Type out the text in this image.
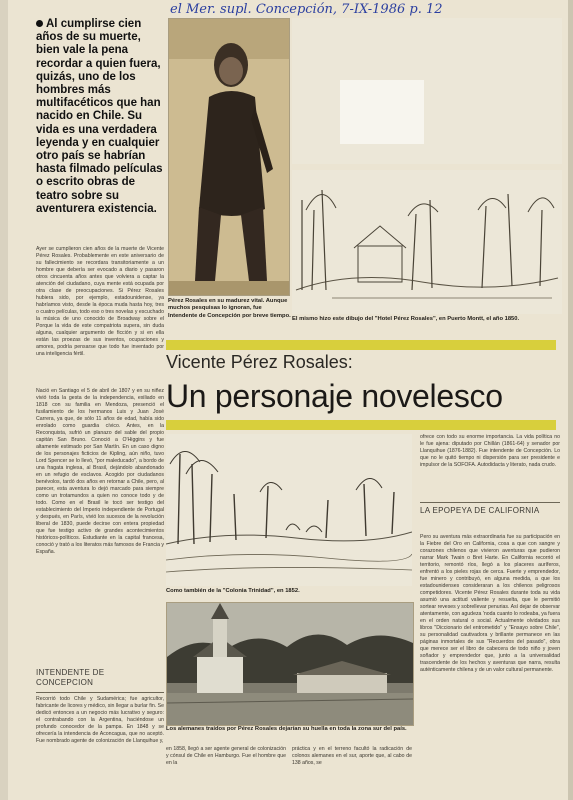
el Mer. supl. Concepción, 7-IX-1986 p. 12
Al cumplirse cien años de su muerte, bien vale la pena recordar a quien fuera, quizás, uno de los hombres más multifacéticos que han nacido en Chile. Su vida es una verdadera leyenda y en cualquier otro país se habrían hasta filmado películas o escrito obras de teatro sobre su aventurera existencia.
Ayer se cumplieron cien años de la muerte de Vicente Pérez Rosales. Probablemente en este aniversario de su fallecimiento se recordara transitoriamente a un hombre que debería ser evocado a diario y pasaron otros cincuenta años antes que volviera a captar la atención del ciudadano, cuya mente está ocupada por otra clase de preocupaciones. Si Pérez Rosales hubiera sido, por ejemplo, estadounidense, ya habríamos visto, desde la época muda hasta hoy, tres o cuatro películas, todo eso o tres novelas y escuchado la música de uno conocido de Broadway sobre el Porque la vida de este compatriota supera, sin duda alguna, cualquier argumento de ficción y si en ella están las proezas de sus inventos, ocupaciones y amores, podría pensarse que todo fue inventado por una inteligencia fértil.
Nació en Santiago el 5 de abril de 1807 y en su niñez vivió toda la gesta de la independencia, exiliado en 1818 con su familia en Mendoza, presenció el fusilamiento de los hermanos Luis y Juan José Carrera, ya que, de sólo 11 años de edad, había sido enrolado como guardia cívico. Antes, en la Reconquista, sufrió un planazo del sable del propio capitán San Bruno. Conoció a O'Higgins y fue altamente estimado por San Martín. En un caso digno de los personajes ficticios de Kipling, aún niño, tuvo Lord Spencer se lo llevó, "por maleducado", a bordo de una fragata inglesa, al Brasil, dejándolo abandonado en un refugio de esclavos. Acogido por ciudadanos benévolos, tardó dos años en retornar a Chile, pero, al parecer, esta aventura lo dejó marcado para siempre como un trotamundos a quien no conoce todo y de todo. Como en el Brasil le tocó ser testigo del establecimiento del Imperio independiente de Portugal y después, en París, vivió los sucesos de la revolución liberal de 1830, puede decirse con entera propiedad que fue testigo activo de grandes acontecimientos históricos-políticos. Estudiante en la capital francesa, conoció y trató a los literatos más famosos de Francia y España.
INTENDENTE DE CONCEPCION
Recorrió todo Chile y Sudamérica; fue agricultor, fabricante de licores y médico, sin llegar a burlar fin. Se dedicó entonces a un negocio más lucrativo y seguro: el contrabando con la Argentina, haciéndose un profundo conocedor de la pampa. En 1848 y se ofrecería la intendencia de Aconcagua, que no aceptó. Fue nombrado agente de colonización de Llanquihue y,
Pérez Rosales en su madurez vital. Aunque muchos pesquisas lo ignoran, fue Intendente de Concepción por breve tiempo.
El mismo hizo este dibujo del "Hotel Pérez Rosales", en Puerto Montt, el año 1850.
Vicente Pérez Rosales:
Un personaje novelesco
Como también de la "Colonia Trinidad", en 1852.
Los alemanes traídos por Pérez Rosales dejarían su huella en toda la zona sur del país.
en 1858, llegó a ser agente general de colonización y cónsul de Chile en Hamburgo. Fue el hombre que en la
práctica y en el terreno facultó la radicación de colonos alemanes en el sur, aporte que, al cabo de 138 años, se
ofrece con todo su enorme importancia. La vida política no le fue ajena: diputado por Chillán (1861-64) y senador por Llanquihue (1876-1882). Fue intendente de Concepción. Lo que no le quitó tiempo ni dispersión para ser presidente e impulsor de la SOFOFA. Autodidacta y literato, nada crudo.
LA EPOPEYA DE CALIFORNIA
Pero su aventura más extraordinaria fue su participación en la Fiebre del Oro en California, cosa a que con sangre y corazones chilenos que vivieron aventuras que pudieron narrar Mark Twain o Bret Harte. En California recorrió el territorio, remontó ríos, llegó a los placeres auríferos, enfrentó a los pieles rojas de cerca. Fuerte y emprendedor, fue minero y contribuyó, en alguna medida, a que los estadounidenses consideraran a los chilenos peligrosos competidores. Vicente Pérez Rosales durante toda su vida asumió una actitud valiente y resuelta, que le permitió sortear reveses y sobrellevar penurias. Así dejar de observar atentamente, con agudeza 'noda cuanto lo rodeaba, ya fuera en el orden natural o social. Actualmente olvidados sus libros "Diccionario del entrometido" y "Ensayo sobre Chile", su personalidad cautivadora y brillante permanece en las páginas inmortales de sus "Recuerdos del pasado", obra que merece ser el libro de cabecera de todo niño y joven soñador y emprendedor que, junto a la universalidad trascendente de los hechos y aventuras que narra, resulta auténticamente chilena y de un valor cultural permanente.
